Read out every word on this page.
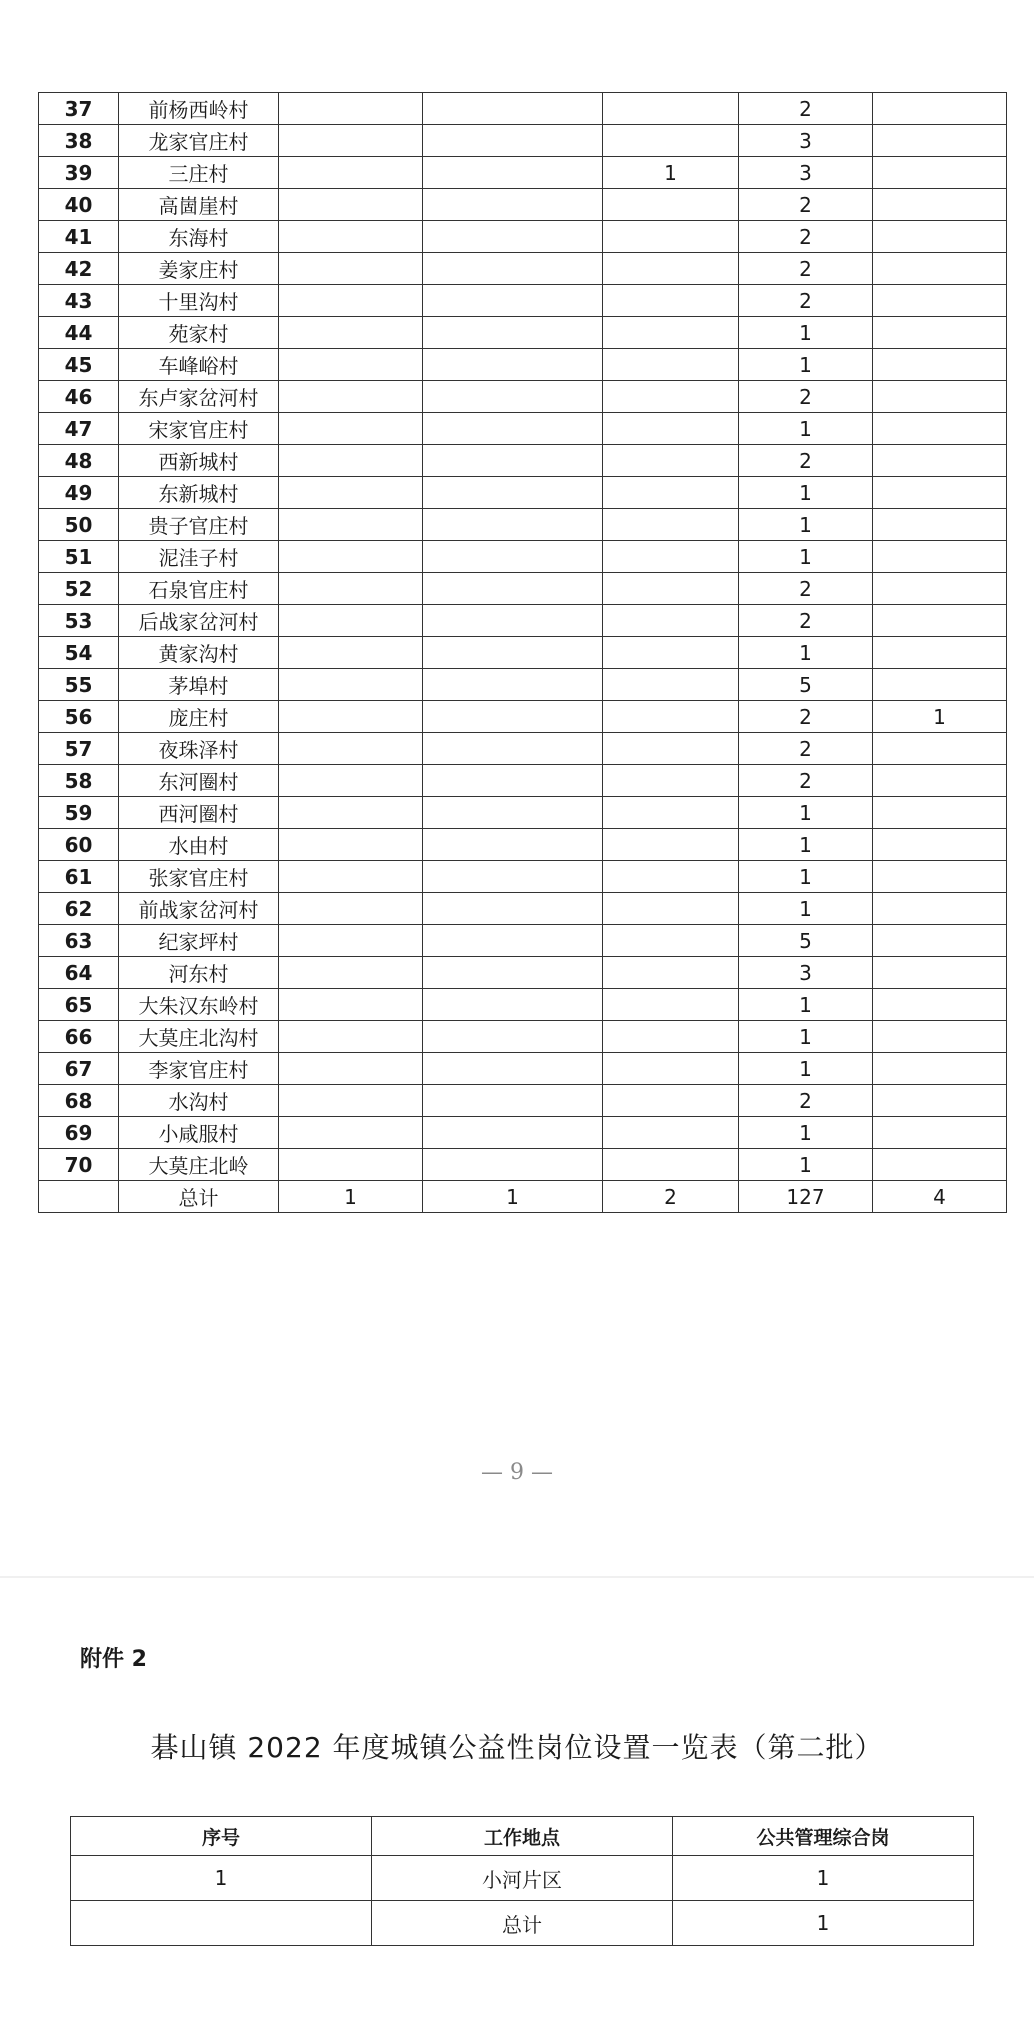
37	前杨西岭村				2	
38	龙家官庄村				3	
39	三庄村			1	3	
40	高崮崖村				2	
41	东海村				2	
42	姜家庄村				2	
43	十里沟村				2	
44	苑家村				1	
45	车峰峪村				1	
46	东卢家岔河村				2	
47	宋家官庄村				1	
48	西新城村				2	
49	东新城村				1	
50	贵子官庄村				1	
51	泥洼子村				1	
52	石泉官庄村				2	
53	后战家岔河村				2	
54	黄家沟村				1	
55	茅埠村				5	
56	庞庄村				2	1
57	夜珠泽村				2	
58	东河圈村				2	
59	西河圈村				1	
60	水由村				1	
61	张家官庄村				1	
62	前战家岔河村				1	
63	纪家坪村				5	
64	河东村				3	
65	大朱汉东岭村				1	
66	大莫庄北沟村				1	
67	李家官庄村				1	
68	水沟村				2	
69	小咸服村				1	
70	大莫庄北岭				1	
	总计	1	1	2	127	4
— 9 —
附件 2
碁山镇 2022 年度城镇公益性岗位设置一览表（第二批）
序号	工作地点	公共管理综合岗
1	小河片区	1
	总计	1
